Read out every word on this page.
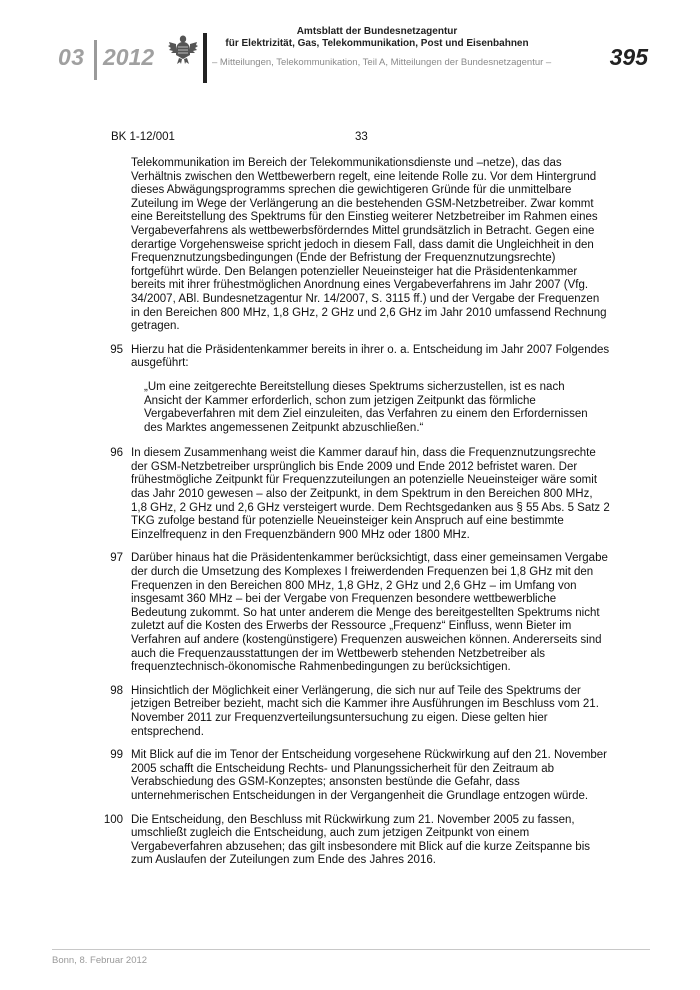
03 2012
Amtsblatt der Bundesnetzagentur
für Elektrizität, Gas, Telekommunikation, Post und Eisenbahnen
– Mitteilungen, Telekommunikation, Teil A, Mitteilungen der Bundesnetzagentur –	395
BK 1-12/001	33
Telekommunikation im Bereich der Telekommunikationsdienste und –netze), das das Verhältnis zwischen den Wettbewerbern regelt, eine leitende Rolle zu. Vor dem Hintergrund dieses Abwägungsprogramms sprechen die gewichtigeren Gründe für die unmittelbare Zuteilung im Wege der Verlängerung an die bestehenden GSM-Netzbetreiber. Zwar kommt eine Bereitstellung des Spektrums für den Einstieg weiterer Netzbetreiber im Rahmen eines Vergabeverfahrens als wettbewerbsförderndes Mittel grundsätzlich in Betracht. Gegen eine derartige Vorgehensweise spricht jedoch in diesem Fall, dass damit die Ungleichheit in den Frequenznutzungsbedingungen (Ende der Befristung der Frequenznutzungsrechte) fortgeführt würde. Den Belangen potenzieller Neueinsteiger hat die Präsidentenkammer bereits mit ihrer frühestmöglichen Anordnung eines Vergabeverfahrens im Jahr 2007 (Vfg. 34/2007, ABl. Bundesnetzagentur Nr. 14/2007, S. 3115 ff.) und der Vergabe der Frequenzen in den Bereichen 800 MHz, 1,8 GHz, 2 GHz und 2,6 GHz im Jahr 2010 umfassend Rechnung getragen.
95 Hierzu hat die Präsidentenkammer bereits in ihrer o. a. Entscheidung im Jahr 2007 Folgendes ausgeführt:
„Um eine zeitgerechte Bereitstellung dieses Spektrums sicherzustellen, ist es nach Ansicht der Kammer erforderlich, schon zum jetzigen Zeitpunkt das förmliche Vergabeverfahren mit dem Ziel einzuleiten, das Verfahren zu einem den Erfordernissen des Marktes angemessenen Zeitpunkt abzuschließen.“
96 In diesem Zusammenhang weist die Kammer darauf hin, dass die Frequenznutzungsrechte der GSM-Netzbetreiber ursprünglich bis Ende 2009 und Ende 2012 befristet waren. Der frühestmögliche Zeitpunkt für Frequenzzuteilungen an potenzielle Neueinsteiger wäre somit das Jahr 2010 gewesen – also der Zeitpunkt, in dem Spektrum in den Bereichen 800 MHz, 1,8 GHz, 2 GHz und 2,6 GHz versteigert wurde. Dem Rechtsgedanken aus § 55 Abs. 5 Satz 2 TKG zufolge bestand für potenzielle Neueinsteiger kein Anspruch auf eine bestimmte Einzelfrequenz in den Frequenzbändern 900 MHz oder 1800 MHz.
97 Darüber hinaus hat die Präsidentenkammer berücksichtigt, dass einer gemeinsamen Vergabe der durch die Umsetzung des Komplexes I freiwerdenden Frequenzen bei 1,8 GHz mit den Frequenzen in den Bereichen 800 MHz, 1,8 GHz, 2 GHz und 2,6 GHz – im Umfang von insgesamt 360 MHz – bei der Vergabe von Frequenzen besondere wettbewerbliche Bedeutung zukommt. So hat unter anderem die Menge des bereitgestellten Spektrums nicht zuletzt auf die Kosten des Erwerbs der Ressource „Frequenz“ Einfluss, wenn Bieter im Verfahren auf andere (kostengünstigere) Frequenzen ausweichen können. Andererseits sind auch die Frequenzausstattungen der im Wettbewerb stehenden Netzbetreiber als frequenztechnisch-ökonomische Rahmenbedingungen zu berücksichtigen.
98 Hinsichtlich der Möglichkeit einer Verlängerung, die sich nur auf Teile des Spektrums der jetzigen Betreiber bezieht, macht sich die Kammer ihre Ausführungen im Beschluss vom 21. November 2011 zur Frequenzverteilungsuntersuchung zu eigen. Diese gelten hier entsprechend.
99 Mit Blick auf die im Tenor der Entscheidung vorgesehene Rückwirkung auf den 21. November 2005 schafft die Entscheidung Rechts- und Planungssicherheit für den Zeitraum ab Verabschiedung des GSM-Konzeptes; ansonsten bestünde die Gefahr, dass unternehmerischen Entscheidungen in der Vergangenheit die Grundlage entzogen würde.
100 Die Entscheidung, den Beschluss mit Rückwirkung zum 21. November 2005 zu fassen, umschließt zugleich die Entscheidung, auch zum jetzigen Zeitpunkt von einem Vergabeverfahren abzusehen; das gilt insbesondere mit Blick auf die kurze Zeitspanne bis zum Auslaufen der Zuteilungen zum Ende des Jahres 2016.
Bonn, 8. Februar 2012
